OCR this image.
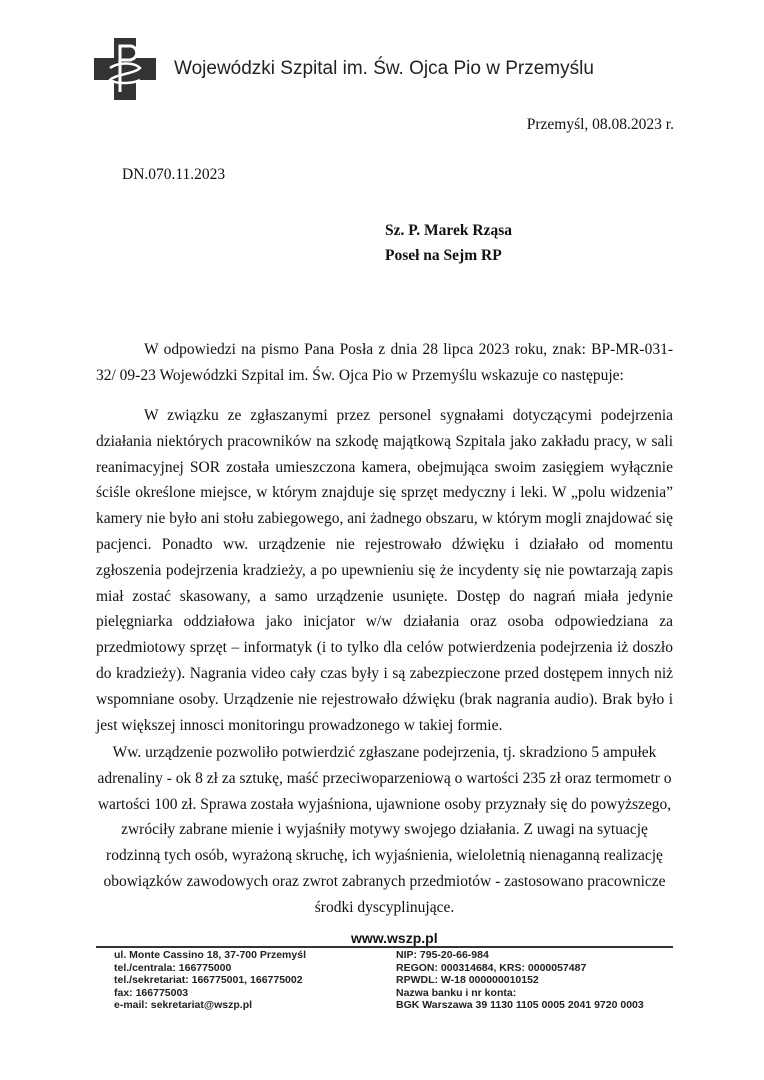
Wojewódzki Szpital im. Św. Ojca Pio w Przemyślu
Przemyśl, 08.08.2023 r.
DN.070.11.2023
Sz. P. Marek Rząsa
Poseł na Sejm RP

W odpowiedzi na pismo Pana Posła z dnia 28 lipca 2023 roku, znak: BP-MR-031-32/ 09-23 Wojewódzki Szpital im. Św. Ojca Pio w Przemyślu wskazuje co następuje:

W związku ze zgłaszanymi przez personel sygnałami dotyczącymi podejrzenia działania niektórych pracowników na szkodę majątkową Szpitala jako zakładu pracy, w sali reanimacyjnej SOR została umieszczona kamera, obejmująca swoim zasięgiem wyłącznie ściśle określone miejsce, w którym znajduje się sprzęt medyczny i leki. W „polu widzenia” kamery nie było ani stołu zabiegowego, ani żadnego obszaru, w którym mogli znajdować się pacjenci. Ponadto ww. urządzenie nie rejestrowało dźwięku i działało od momentu zgłoszenia podejrzenia kradzieży, a po upewnieniu się że incydenty się nie powtarzają zapis miał zostać skasowany, a samo urządzenie usunięte. Dostęp do nagrań miała jedynie pielęgniarka oddziałowa jako inicjator w/w działania oraz osoba odpowiedziana za przedmiotowy sprzęt – informatyk (i to tylko dla celów potwierdzenia podejrzenia iż doszło do kradzieży). Nagrania video cały czas były i są zabezpieczone przed dostępem innych niż wspomniane osoby. Urządzenie nie rejestrowało dźwięku (brak nagrania audio). Brak było i jest większej innosci monitoringu prowadzonego w takiej formie.

Ww. urządzenie pozwoliło potwierdzić zgłaszane podejrzenia, tj. skradziono 5 ampułek adrenaliny - ok 8 zł za sztukę, maść przeciwoparzeniową o wartości 235 zł oraz termometr o wartości 100 zł. Sprawa została wyjaśniona, ujawnione osoby przyznały się do powyższego, zwróciły zabrane mienie i wyjaśniły motywy swojego działania. Z uwagi na sytuację rodzinną tych osób, wyrażoną skruchę, ich wyjaśnienia, wieloletnią nienaganną realizację obowiązków zawodowych oraz zwrot zabranych przedmiotów - zastosowano pracownicze środki dyscyplinujące.

www.wszp.pl
ul. Monte Cassino 18, 37-700 Przemyśl
tel./centrala: 166775000
tel./sekretariat: 166775001, 166775002
fax: 166775003
e-mail: sekretariat@wszp.pl
NIP: 795-20-66-984
REGON: 000314684, KRS: 0000057487
RPWDL: W-18 000000010152
Nazwa banku i nr konta:
BGK Warszawa 39 1130 1105 0005 2041 9720 0003
